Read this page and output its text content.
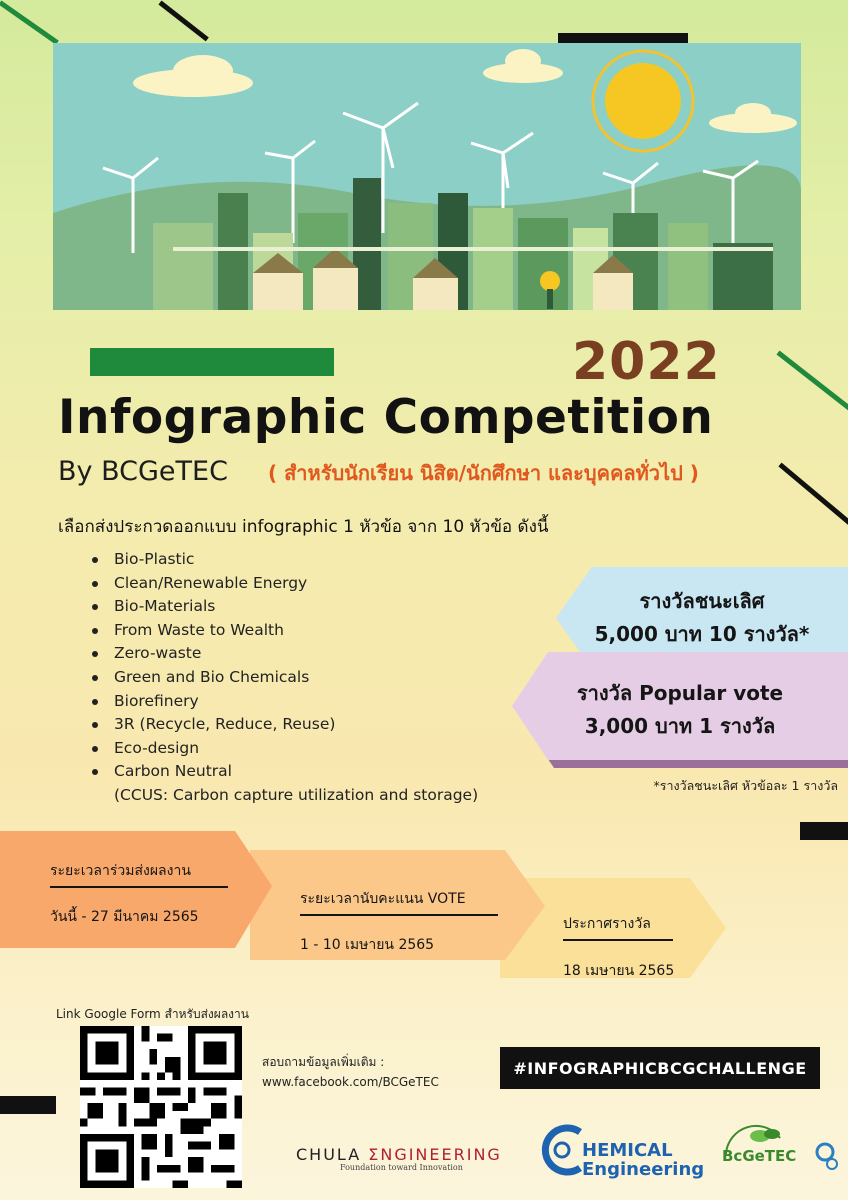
2022
Infographic Competition
By BCGeTEC ( สำหรับนักเรียน นิสิต/นักศึกษา และบุคคลทั่วไป )
เลือกส่งประกวดออกแบบ infographic 1 หัวข้อ จาก 10 หัวข้อ ดังนี้
Bio-Plastic
Clean/Renewable Energy
Bio-Materials
From Waste to Wealth
Zero-waste
Green and Bio Chemicals
Biorefinery
3R (Recycle, Reduce, Reuse)
Eco-design
Carbon Neutral
(CCUS: Carbon capture utilization and storage)
รางวัลชนะเลิศ
5,000 บาท 10 รางวัล*
รางวัล Popular vote
3,000 บาท 1 รางวัล
*รางวัลชนะเลิศ หัวข้อละ 1 รางวัล
ระยะเวลาร่วมส่งผลงาน
วันนี้ - 27 มีนาคม 2565
ระยะเวลานับคะแนน VOTE
1 - 10 เมษายน 2565
ประกาศรางวัล
18 เมษายน 2565
Link Google Form สำหรับส่งผลงาน
สอบถามข้อมูลเพิ่มเติม :
www.facebook.com/BCGeTEC
#INFOGRAPHICBCGCHALLENGE
CHULA ΣNGINEERING
Foundation toward Innovation
HEMICAL
Engineering
BcGeTEC
